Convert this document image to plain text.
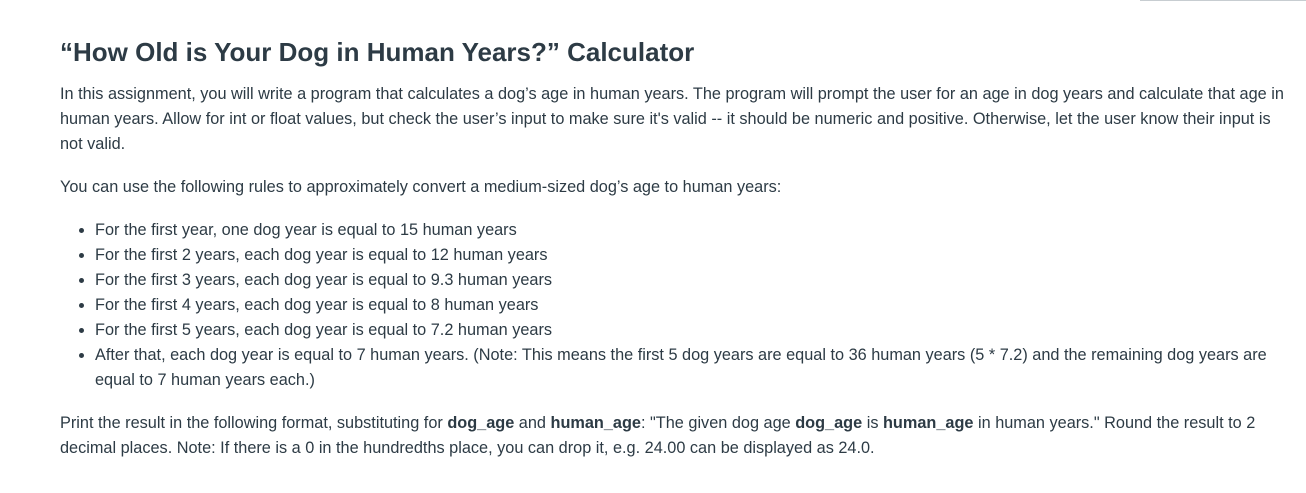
“How Old is Your Dog in Human Years?” Calculator

In this assignment, you will write a program that calculates a dog’s age in human years. The program will prompt the user for an age in dog years and calculate that age in human years. Allow for int or float values, but check the user’s input to make sure it's valid -- it should be numeric and positive. Otherwise, let the user know their input is not valid.

You can use the following rules to approximately convert a medium-sized dog’s age to human years:

• For the first year, one dog year is equal to 15 human years
• For the first 2 years, each dog year is equal to 12 human years
• For the first 3 years, each dog year is equal to 9.3 human years
• For the first 4 years, each dog year is equal to 8 human years
• For the first 5 years, each dog year is equal to 7.2 human years
• After that, each dog year is equal to 7 human years. (Note: This means the first 5 dog years are equal to 36 human years (5 * 7.2) and the remaining dog years are equal to 7 human years each.)

Print the result in the following format, substituting for dog_age and human_age: "The given dog age dog_age is human_age in human years." Round the result to 2 decimal places. Note: If there is a 0 in the hundredths place, you can drop it, e.g. 24.00 can be displayed as 24.0.
